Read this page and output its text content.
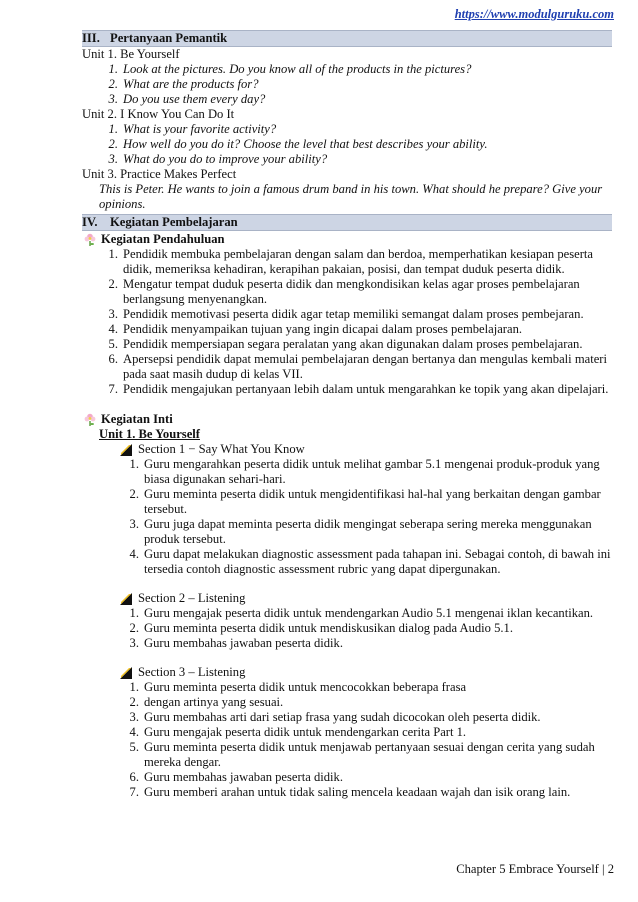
https://www.modulguruku.com
III. Pertanyaan Pemantik
Unit 1. Be Yourself
1. Look at the pictures. Do you know all of the products in the pictures?
2. What are the products for?
3. Do you use them every day?
Unit 2. I Know You Can Do It
1. What is your favorite activity?
2. How well do you do it? Choose the level that best describes your ability.
3. What do you do to improve your ability?
Unit 3. Practice Makes Perfect
This is Peter. He wants to join a famous drum band in his town. What should he prepare? Give your opinions.
IV. Kegiatan Pembelajaran
Kegiatan Pendahuluan
1. Pendidik membuka pembelajaran dengan salam dan berdoa, memperhatikan kesiapan peserta didik, memeriksa kehadiran, kerapihan pakaian, posisi, dan tempat duduk peserta didik.
2. Mengatur tempat duduk peserta didik dan mengkondisikan kelas agar proses pembelajaran berlangsung menyenangkan.
3. Pendidik memotivasi peserta didik agar tetap memiliki semangat dalam proses pembejaran.
4. Pendidik menyampaikan tujuan yang ingin dicapai dalam proses pembelajaran.
5. Pendidik mempersiapan segara peralatan yang akan digunakan dalam proses pembelajaran.
6. Apersepsi pendidik dapat memulai pembelajaran dengan bertanya dan mengulas kembali materi pada saat masih dudup di kelas VII.
7. Pendidik mengajukan pertanyaan lebih dalam untuk mengarahkan ke topik yang akan dipelajari.
Kegiatan Inti
Unit 1. Be Yourself
Section 1 − Say What You Know
1. Guru mengarahkan peserta didik untuk melihat gambar 5.1 mengenai produk-produk yang biasa digunakan sehari-hari.
2. Guru meminta peserta didik untuk mengidentifikasi hal-hal yang berkaitan dengan gambar tersebut.
3. Guru juga dapat meminta peserta didik mengingat seberapa sering mereka menggunakan produk tersebut.
4. Guru dapat melakukan diagnostic assessment pada tahapan ini. Sebagai contoh, di bawah ini tersedia contoh diagnostic assessment rubric yang dapat dipergunakan.
Section 2 – Listening
1. Guru mengajak peserta didik untuk mendengarkan Audio 5.1 mengenai iklan kecantikan.
2. Guru meminta peserta didik untuk mendiskusikan dialog pada Audio 5.1.
3. Guru membahas jawaban peserta didik.
Section 3 – Listening
1. Guru meminta peserta didik untuk mencocokkan beberapa frasa
2. dengan artinya yang sesuai.
3. Guru membahas arti dari setiap frasa yang sudah dicocokan oleh peserta didik.
4. Guru mengajak peserta didik untuk mendengarkan cerita Part 1.
5. Guru meminta peserta didik untuk menjawab pertanyaan sesuai dengan cerita yang sudah mereka dengar.
6. Guru membahas jawaban peserta didik.
7. Guru memberi arahan untuk tidak saling mencela keadaan wajah dan isik orang lain.
Chapter 5 Embrace Yourself | 2
